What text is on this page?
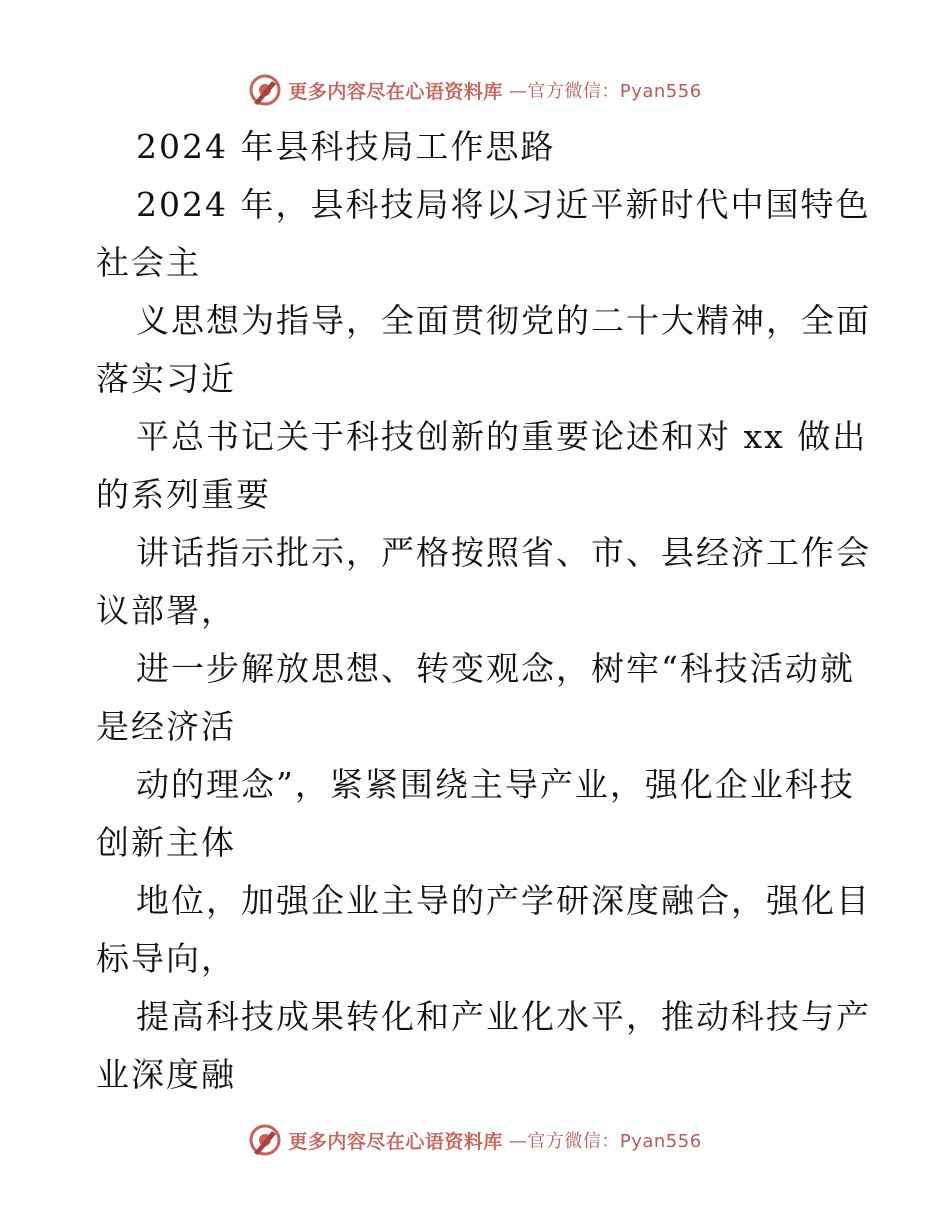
更多内容尽在心语资料库 —官方微信：Pyan556

2024 年县科技局工作思路

2024 年，县科技局将以习近平新时代中国特色

社会主

义思想为指导，全面贯彻党的二十大精神，全面

落实习近

平总书记关于科技创新的重要论述和对 xx 做出

的系列重要

讲话指示批示，严格按照省、市、县经济工作会

议部署，

进一步解放思想、转变观念，树牢“科技活动就

是经济活

动的理念”，紧紧围绕主导产业，强化企业科技

创新主体

地位，加强企业主导的产学研深度融合，强化目

标导向，

提高科技成果转化和产业化水平，推动科技与产

业深度融

更多内容尽在心语资料库 —官方微信：Pyan556
